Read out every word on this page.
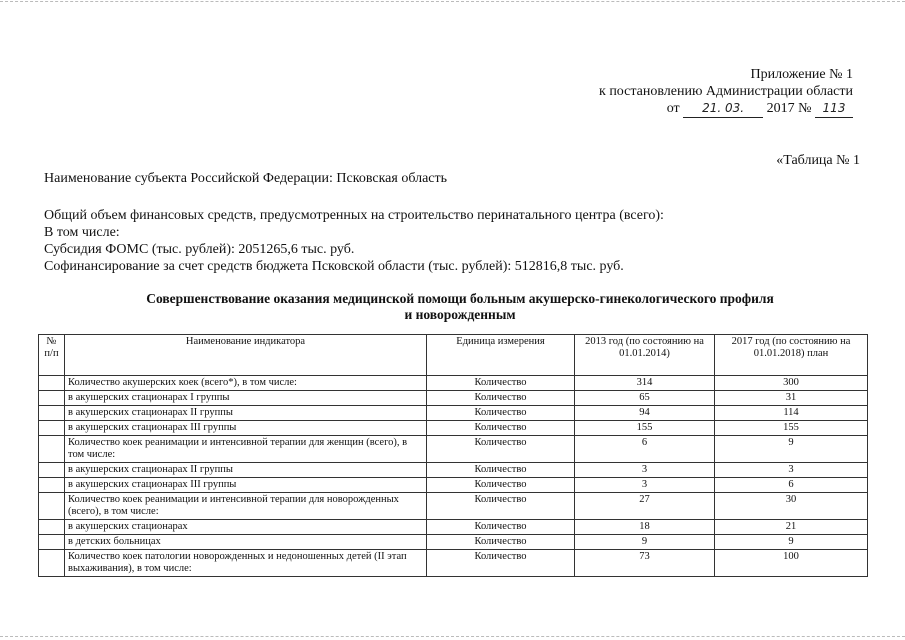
Приложение № 1
к постановлению Администрации области
от 21. 03. 2017 № 113
«Таблица № 1
Наименование субъекта Российской Федерации: Псковская область
Общий объем финансовых средств, предусмотренных на строительство перинатального центра (всего):
В том числе:
Субсидия ФОМС (тыс. рублей): 2051265,6 тыс. руб.
Софинансирование за счет средств бюджета Псковской области (тыс. рублей): 512816,8 тыс. руб.
Совершенствование оказания медицинской помощи больным акушерско-гинекологического профиля
и новорожденным
№ п/п	Наименование индикатора	Единица измерения	2013 год (по состоянию на 01.01.2014)	2017 год (по состоянию на 01.01.2018) план
	Количество акушерских коек (всего*), в том числе:	Количество	314	300
	в акушерских стационарах I группы	Количество	65	31
	в акушерских стационарах II группы	Количество	94	114
	в акушерских стационарах III группы	Количество	155	155
	Количество коек реанимации и интенсивной терапии для женщин (всего), в том числе:	Количество	6	9
	в акушерских стационарах II группы	Количество	3	3
	в акушерских стационарах III группы	Количество	3	6
	Количество коек реанимации и интенсивной терапии для новорожденных (всего), в том числе:	Количество	27	30
	в акушерских стационарах	Количество	18	21
	в детских больницах	Количество	9	9
	Количество коек патологии новорожденных и недоношенных детей (II этап выхаживания), в том числе:	Количество	73	100
